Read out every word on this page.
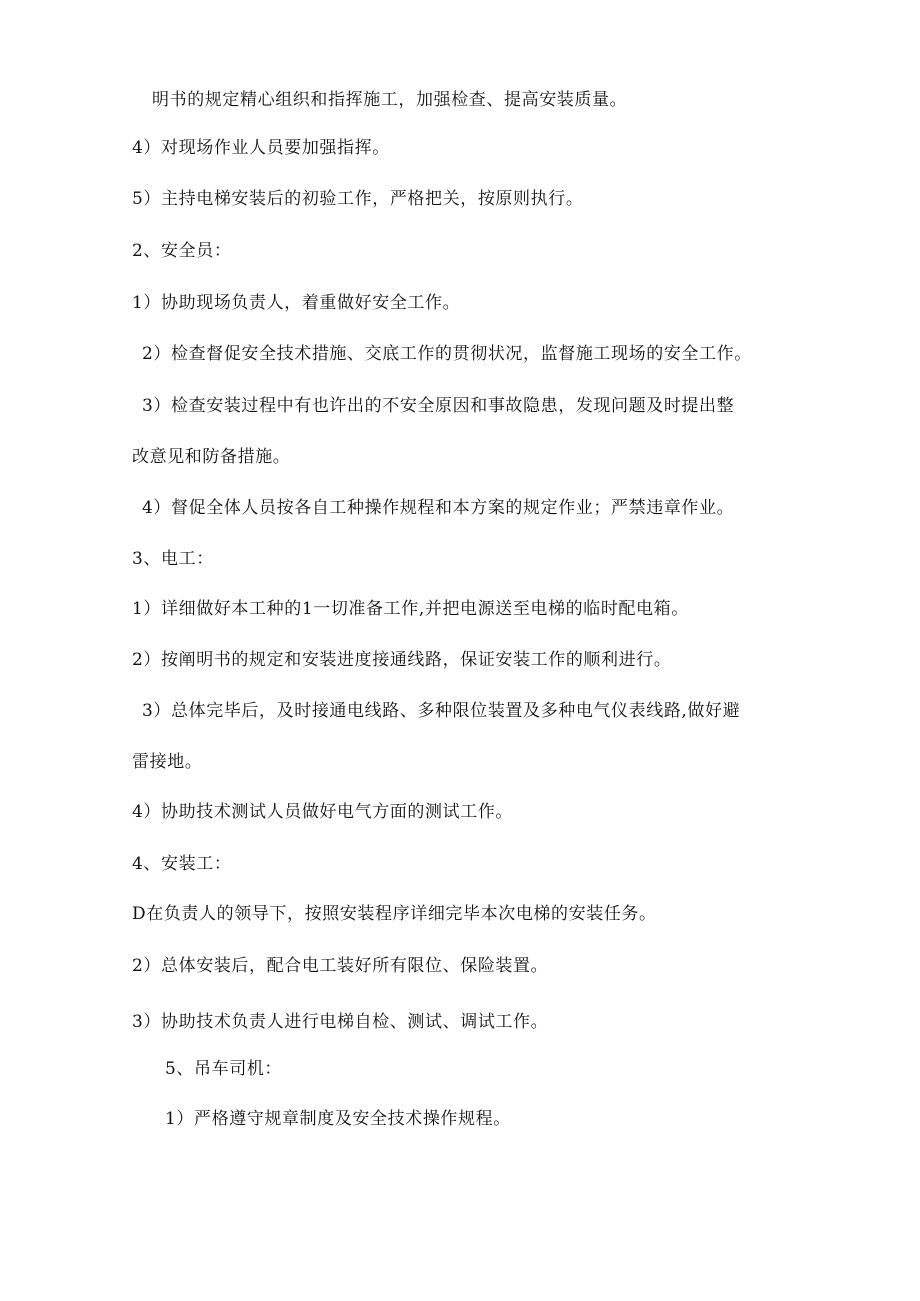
明书的规定精心组织和指挥施工，加强检查、提高安装质量。
4）对现场作业人员要加强指挥。
5）主持电梯安装后的初验工作，严格把关，按原则执行。
2、安全员：
1）协助现场负责人，着重做好安全工作。
2）检查督促安全技术措施、交底工作的贯彻状况，监督施工现场的安全工作。
3）检查安装过程中有也许出的不安全原因和事故隐患，发现问题及时提出整
改意见和防备措施。
4）督促全体人员按各自工种操作规程和本方案的规定作业；严禁违章作业。
3、电工：
1）详细做好本工种的1一切准备工作,并把电源送至电梯的临时配电箱。
2）按阐明书的规定和安装进度接通线路，保证安装工作的顺利进行。
3）总体完毕后，及时接通电线路、多种限位装置及多种电气仪表线路,做好避
雷接地。
4）协助技术测试人员做好电气方面的测试工作。
4、安装工：
D在负责人的领导下，按照安装程序详细完毕本次电梯的安装任务。
2）总体安装后，配合电工装好所有限位、保险装置。
3）协助技术负责人进行电梯自检、测试、调试工作。
5、吊车司机：
1）严格遵守规章制度及安全技术操作规程。
